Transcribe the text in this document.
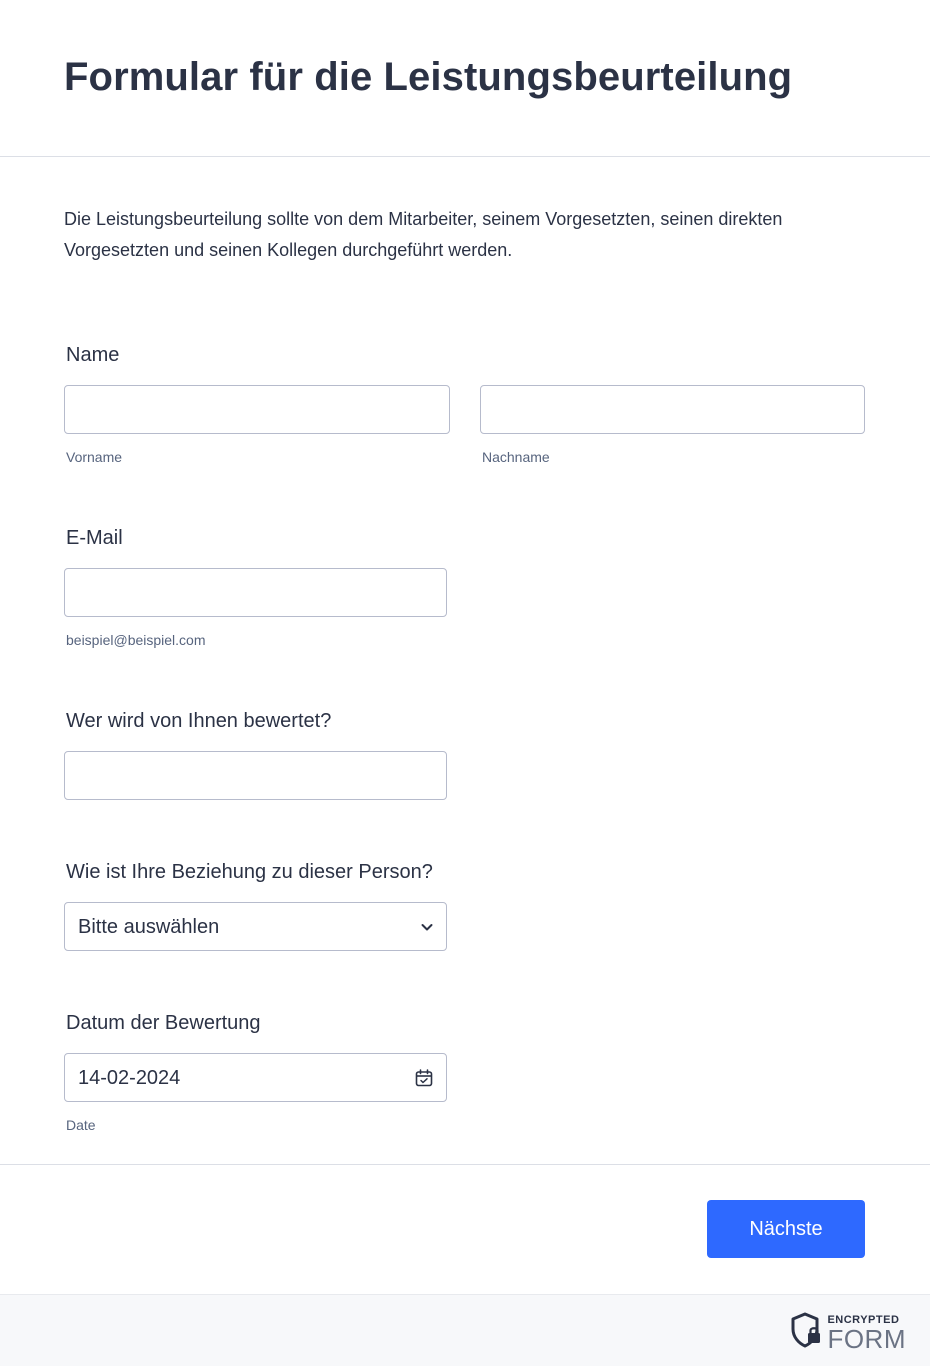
Formular für die Leistungsbeurteilung
Die Leistungsbeurteilung sollte von dem Mitarbeiter, seinem Vorgesetzten, seinen direkten Vorgesetzten und seinen Kollegen durchgeführt werden.
Name
Vorname	Nachname
E-Mail
beispiel@beispiel.com
Wer wird von Ihnen bewertet?
Wie ist Ihre Beziehung zu dieser Person?
Bitte auswählen
Datum der Bewertung
14-02-2024
Date
Nächste
ENCRYPTED
FORM
